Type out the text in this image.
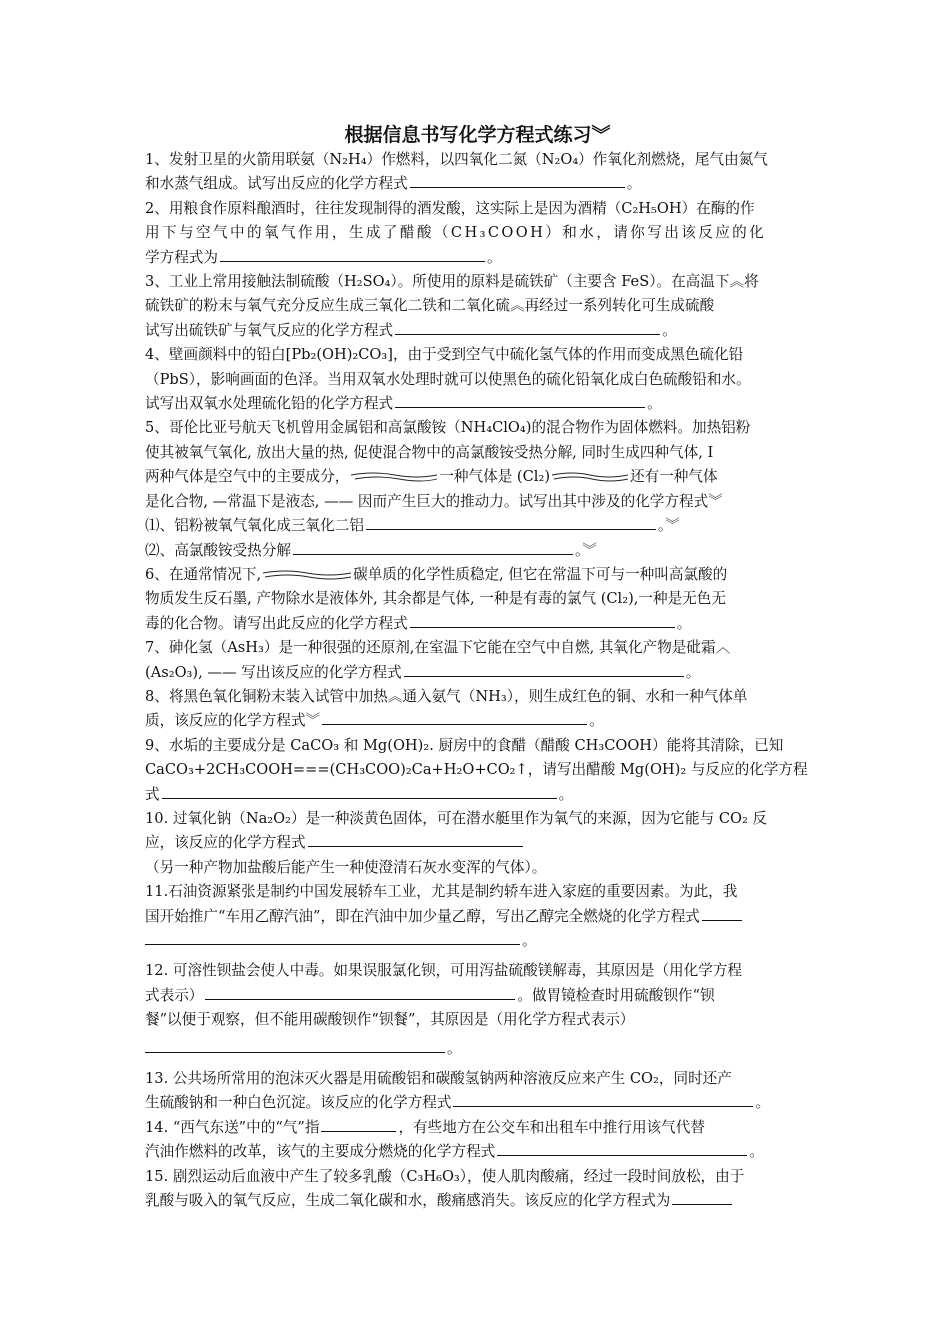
根据信息书写化学方程式练习︾
1、发射卫星的火箭用联氨（N₂H₄）作燃料，以四氧化二氮（N₂O₄）作氧化剂燃烧，尾气由氮气
和水蒸气组成。试写出反应的化学方程式	。
2、用粮食作原料酿酒时，往往发现制得的酒发酸，这实际上是因为酒精（C₂H₅OH）在酶的作
用下与空气中的氧气作用，生成了醋酸（CH₃COOH）和水，请你写出该反应的化
学方程式为	。
3、工业上常用接触法制硫酸（H₂SO₄）。所使用的原料是硫铁矿（主要含 FeS）。在高温下︽将
硫铁矿的粉末与氧气充分反应生成三氧化二铁和二氧化硫︽再经过一系列转化可生成硫酸
试写出硫铁矿与氧气反应的化学方程式	。
4、壁画颜料中的铅白[Pb₂(OH)₂CO₃]，由于受到空气中硫化氢气体的作用而变成黑色硫化铅
（PbS），影响画面的色泽。当用双氧水处理时就可以使黑色的硫化铅氧化成白色硫酸铅和水。
试写出双氧水处理硫化铅的化学方程式	。
5、哥伦比亚号航天飞机曾用金属铝和高氯酸铵（NH₄ClO₄)的混合物作为固体燃料。加热铝粉
使其被氧气氧化, 放出大量的热, 促使混合物中的高氯酸铵受热分解, 同时生成四种气体, I
两种气体是空气中的主要成分，	一种气体是 (Cl₂)	还有一种气体
是化合物, —常温下是液态, —— 因而产生巨大的推动力。试写出其中涉及的化学方程式︾
⑴、铝粉被氧气氧化成三氧化二铝	。︾
⑵、高氯酸铵受热分解	。︾
6、在通常情况下,	碳单质的化学性质稳定, 但它在常温下可与一种叫高氯酸的
物质发生反石墨, 产物除水是液体外, 其余都是气体, 一种是有毒的氯气 (Cl₂),一种是无色无
毒的化合物。请写出此反应的化学方程式	。
7、砷化氢（AsH₃）是一种很强的还原剂,在室温下它能在空气中自燃, 其氧化产物是砒霜︿
(As₂O₃), —— 写出该反应的化学方程式	。
8、将黑色氧化铜粉末装入试管中加热︽通入氨气（NH₃），则生成红色的铜、水和一种气体单
质，该反应的化学方程式︾	。
9、水垢的主要成分是 CaCO₃ 和 Mg(OH)₂. 厨房中的食醋（醋酸 CH₃COOH）能将其清除，已知
CaCO₃+2CH₃COOH===(CH₃COO)₂Ca+H₂O+CO₂↑，请写出醋酸 Mg(OH)₂ 与反应的化学方程
式	。
10. 过氧化钠（Na₂O₂）是一种淡黄色固体，可在潜水艇里作为氧气的来源，因为它能与 CO₂ 反
应，该反应的化学方程式
（另一种产物加盐酸后能产生一种使澄清石灰水变浑的气体）。
11.石油资源紧张是制约中国发展轿车工业，尤其是制约轿车进入家庭的重要因素。为此，我
国开始推广“车用乙醇汽油”，即在汽油中加少量乙醇，写出乙醇完全燃烧的化学方程式
。
12. 可溶性钡盐会使人中毒。如果误服氯化钡，可用泻盐硫酸镁解毒，其原因是（用化学方程
式表示）	。做胃镜检查时用硫酸钡作“钡
餐”以便于观察，但不能用碳酸钡作“钡餐”，其原因是（用化学方程式表示）
。
13. 公共场所常用的泡沫灭火器是用硫酸铝和碳酸氢钠两种溶液反应来产生 CO₂，同时还产
生硫酸钠和一种白色沉淀。该反应的化学方程式	。
14. “西气东送”中的“气”指	，有些地方在公交车和出租车中推行用该气代替
汽油作燃料的改革，该气的主要成分燃烧的化学方程式	。
15. 剧烈运动后血液中产生了较多乳酸（C₃H₆O₃），使人肌肉酸痛，经过一段时间放松，由于
乳酸与吸入的氧气反应，生成二氧化碳和水，酸痛感消失。该反应的化学方程式为
